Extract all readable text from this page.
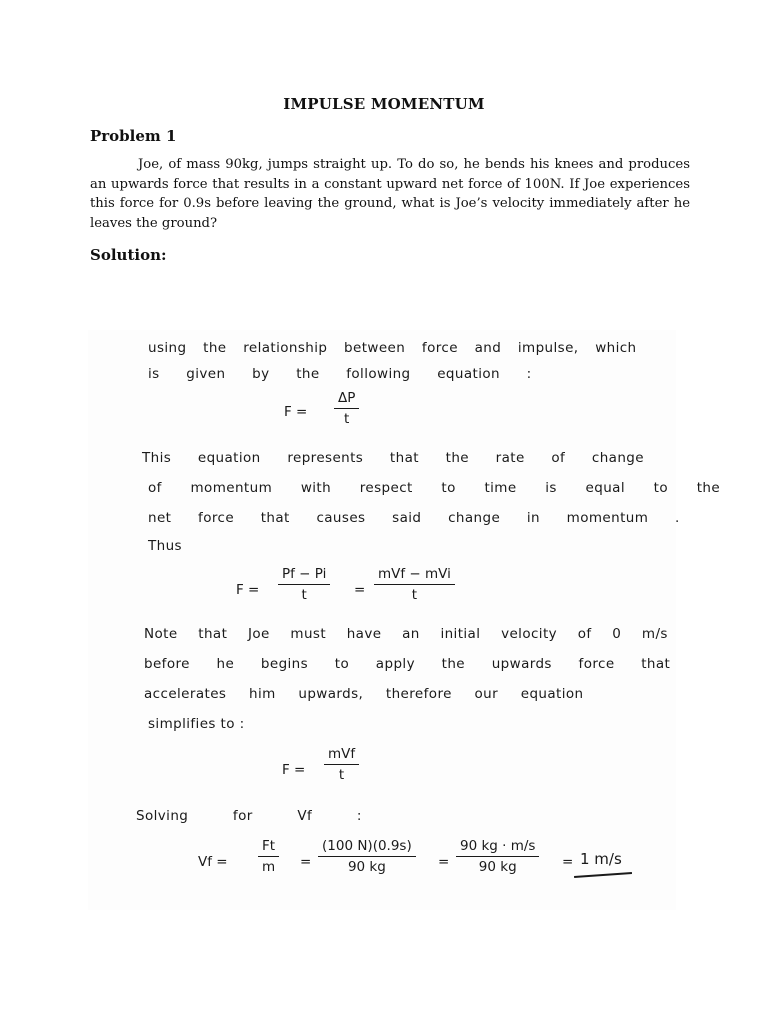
IMPULSE MOMENTUM
Problem 1

Joe, of mass 90kg, jumps straight up. To do so, he bends his knees and produces an upwards force that results in a constant upward net force of 100N. If Joe experiences this force for 0.9s before leaving the ground, what is Joe’s velocity immediately after he leaves the ground?

Solution:
using the relationship between force and impulse, which
is given by the following equation :
F =
ΔP
t
This equation represents that the rate of change
of momentum with respect to time is equal to the
net force that causes said change in momentum .
Thus
F =
Pf − Pi
t	=
mVf − mVi
t
Note that Joe must have an initial velocity of 0 m/s
before he begins to apply the upwards force that
accelerates him upwards, therefore our equation
simplifies to :
F =
mVf
t
Solving for Vf :
Vf =
Ft
m =
(100 N)(0.9s)
90 kg	=
90 kg · m/s
90 kg	= 1 m/s
